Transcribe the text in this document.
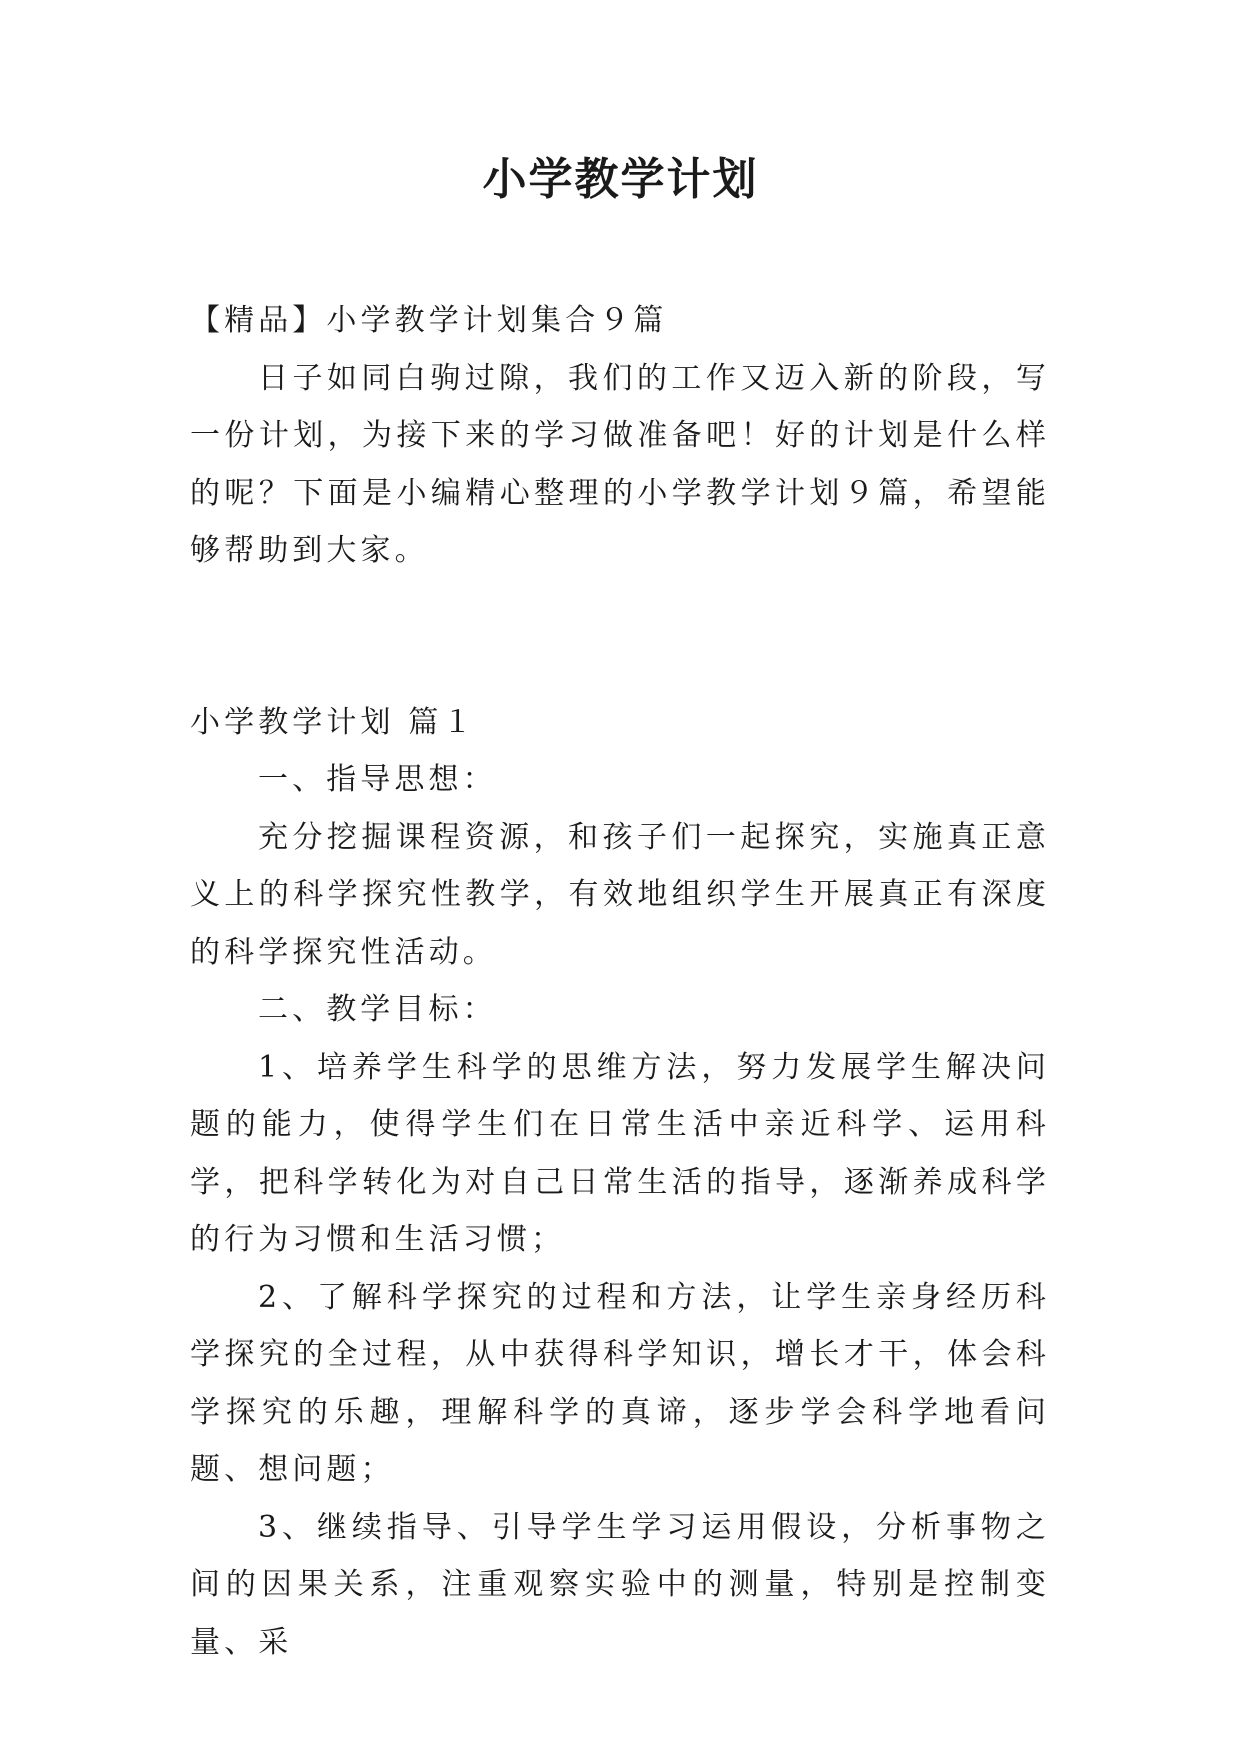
小学教学计划

【精品】小学教学计划集合９篇

日子如同白驹过隙，我们的工作又迈入新的阶段，写一份计划，为接下来的学习做准备吧！好的计划是什么样的呢？下面是小编精心整理的小学教学计划９篇，希望能够帮助到大家。

小学教学计划 篇１

一、指导思想：

充分挖掘课程资源，和孩子们一起探究，实施真正意义上的科学探究性教学，有效地组织学生开展真正有深度的科学探究性活动。

二、教学目标：

1、培养学生科学的思维方法，努力发展学生解决问题的能力，使得学生们在日常生活中亲近科学、运用科学，把科学转化为对自己日常生活的指导，逐渐养成科学的行为习惯和生活习惯；

2、了解科学探究的过程和方法，让学生亲身经历科学探究的全过程，从中获得科学知识，增长才干，体会科学探究的乐趣，理解科学的真谛，逐步学会科学地看问题、想问题；

3、继续指导、引导学生学习运用假设，分析事物之间的因果关系，注重观察实验中的测量，特别是控制变量、采
